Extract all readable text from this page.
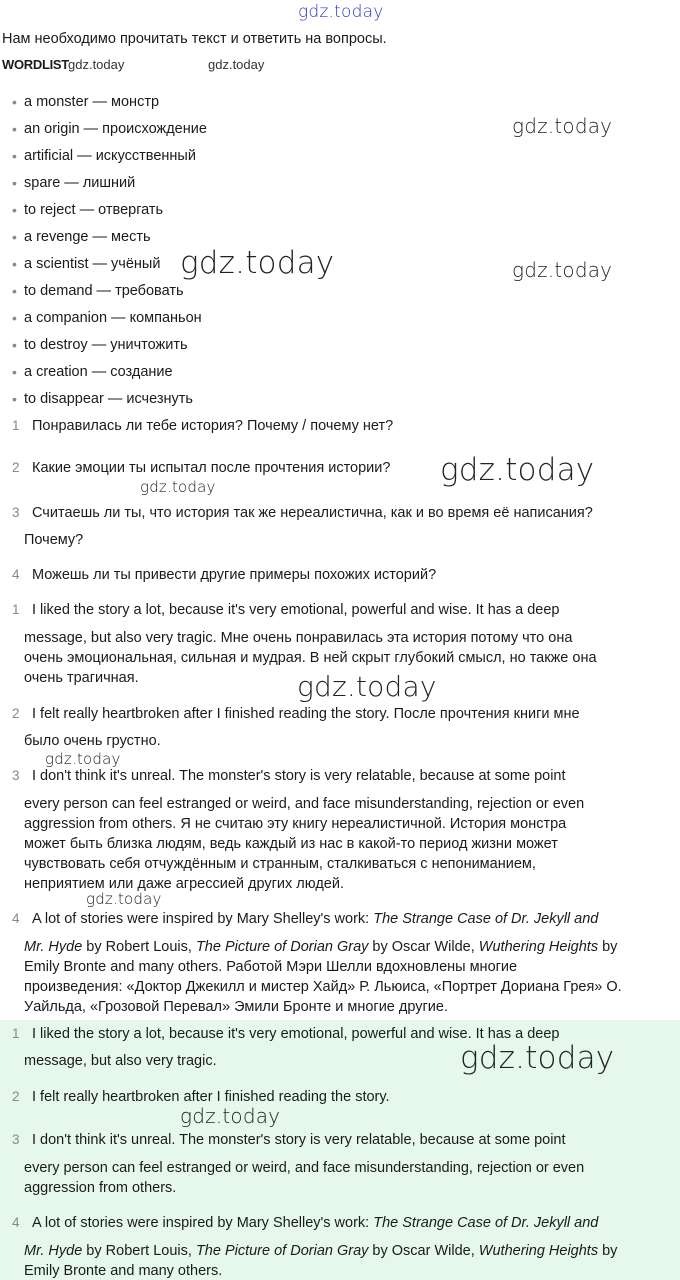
gdz.today
gdz.today
gdz.today	gdz.today
gdz.today
gdz.today
gdz.today
gdz.today
gdz.today
gdz.today
gdz.today
Нам необходимо прочитать текст и ответить на вопросы.
WORDLIST gdz.today	gdz.today
• a monster — монстр
• an origin — происхождение
• artificial — искусственный
• spare — лишний
• to reject — отвергать
• a revenge — месть
• a scientist — учёный
• to demand — требовать
• a companion — компаньон
• to destroy — уничтожить
• a creation — создание
• to disappear — исчезнуть
1 Понравилась ли тебе история? Почему / почему нет?
2 Какие эмоции ты испытал после прочтения истории?
3 Считаешь ли ты, что история так же нереалистична, как и во время её написания?
Почему?
4 Можешь ли ты привести другие примеры похожих историй?
1 I liked the story a lot, because it's very emotional, powerful and wise. It has a deep
message, but also very tragic. Мне очень понравилась эта история потому что она
очень эмоциональная, сильная и мудрая. В ней скрыт глубокий смысл, но также она
очень трагичная.
2 I felt really heartbroken after I finished reading the story. После прочтения книги мне
было очень грустно.
3 I don't think it's unreal. The monster's story is very relatable, because at some point
every person can feel estranged or weird, and face misunderstanding, rejection or even
aggression from others. Я не считаю эту книгу нереалистичной. История монстра
может быть близка людям, ведь каждый из нас в какой-то период жизни может
чувствовать себя отчуждённым и странным, сталкиваться с непониманием,
неприятием или даже агрессией других людей.
4 A lot of stories were inspired by Mary Shelley's work: The Strange Case of Dr. Jekyll and
Mr. Hyde by Robert Louis, The Picture of Dorian Gray by Oscar Wilde, Wuthering Heights by
Emily Bronte and many others. Работой Мэри Шелли вдохновлены многие
произведения: «Доктор Джекилл и мистер Хайд» Р. Льюиса, «Портрет Дориана Грея» О.
Уайльда, «Грозовой Перевал» Эмили Бронте и многие другие.
1 I liked the story a lot, because it's very emotional, powerful and wise. It has a deep
message, but also very tragic.
2 I felt really heartbroken after I finished reading the story.
3 I don't think it's unreal. The monster's story is very relatable, because at some point
every person can feel estranged or weird, and face misunderstanding, rejection or even
aggression from others.
4 A lot of stories were inspired by Mary Shelley's work: The Strange Case of Dr. Jekyll and
Mr. Hyde by Robert Louis, The Picture of Dorian Gray by Oscar Wilde, Wuthering Heights by
Emily Bronte and many others.
